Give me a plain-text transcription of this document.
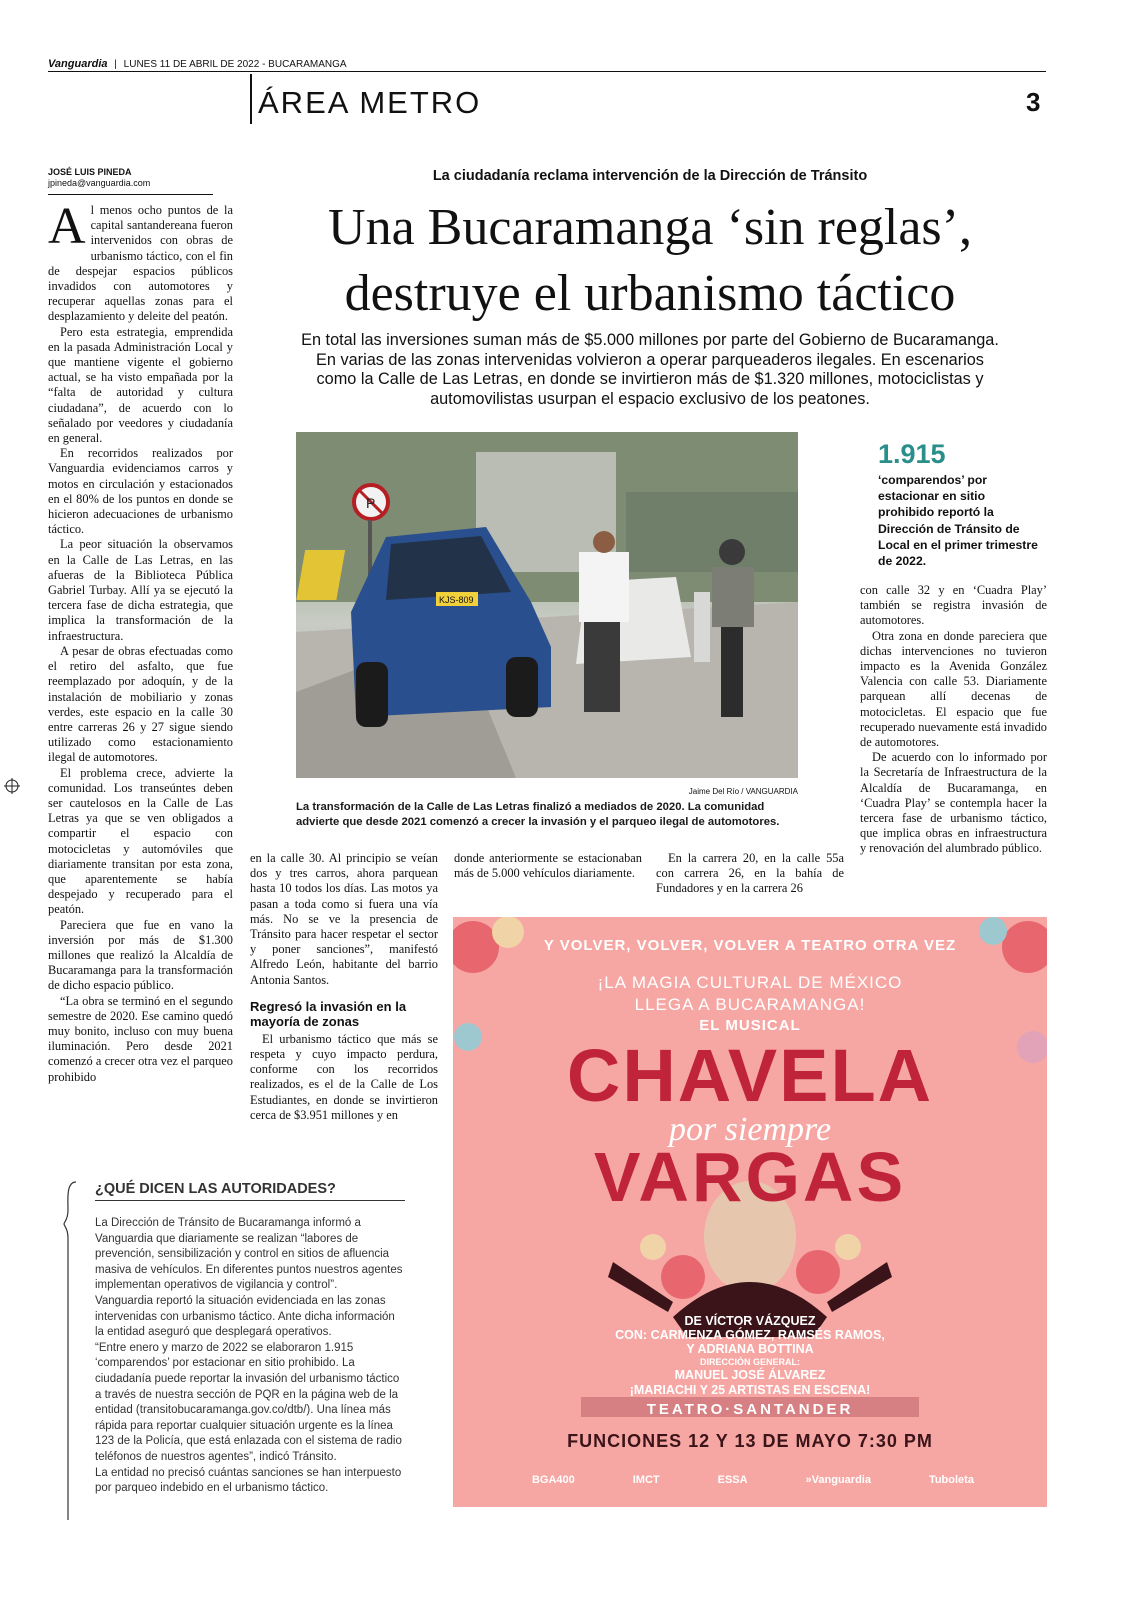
Vanguardia | LUNES 11 DE ABRIL DE 2022 - BUCARAMANGA
ÁREA METRO	3
JOSÉ LUIS PINEDA
jpineda@vanguardia.com	La ciudadanía reclama intervención de la Dirección de Tránsito
Una Bucaramanga ‘sin reglas’,
destruye el urbanismo táctico
En total las inversiones suman más de $5.000 millones por parte del Gobierno de Bucaramanga. En varias de las zonas intervenidas volvieron a operar parqueaderos ilegales. En escenarios como la Calle de Las Letras, en donde se invirtieron más de $1.320 millones, motociclistas y automovilistas usurpan el espacio exclusivo de los peatones.
A l menos ocho puntos de la capital santandereana fueron intervenidos con obras de urbanismo táctico, con el fin de despejar espacios públicos invadidos con automotores y recuperar aquellas zonas para el desplazamiento y deleite del peatón.

Pero esta estrategia, emprendida en la pasada Administración Local y que mantiene vigente el gobierno actual, se ha visto empañada por la “falta de autoridad y cultura ciudadana”, de acuerdo con lo señalado por veedores y ciudadanía en general.

En recorridos realizados por Vanguardia evidenciamos carros y motos en circulación y estacionados en el 80% de los puntos en donde se hicieron adecuaciones de urbanismo táctico.

La peor situación la observamos en la Calle de Las Letras, en las afueras de la Biblioteca Pública Gabriel Turbay. Allí ya se ejecutó la tercera fase de dicha estrategia, que implica la transformación de la infraestructura.

A pesar de obras efectuadas como el retiro del asfalto, que fue reemplazado por adoquín, y de la instalación de mobiliario y zonas verdes, este espacio en la calle 30 entre carreras 26 y 27 sigue siendo utilizado como estacionamiento ilegal de automotores.

El problema crece, advierte la comunidad. Los transeúntes deben ser cautelosos en la Calle de Las Letras ya que se ven obligados a compartir el espacio con motocicletas y automóviles que diariamente transitan por esta zona, que aparentemente se había despejado y recuperado para el peatón.

Pareciera que fue en vano la inversión por más de $1.300 millones que realizó la Alcaldía de Bucaramanga para la transformación de dicho espacio público.

“La obra se terminó en el segundo semestre de 2020. Ese camino quedó muy bonito, incluso con muy buena iluminación. Pero desde 2021 comenzó a crecer otra vez el parqueo prohibido

P
KJS-809
Jaime Del Río / VANGUARDIA
La transformación de la Calle de Las Letras finalizó a mediados de 2020. La comunidad advierte que desde 2021 comenzó a crecer la invasión y el parqueo ilegal de automotores.
1.915
‘comparendos’ por estacionar en sitio prohibido reportó la Dirección de Tránsito de Local en el primer trimestre de 2022.

en la calle 30. Al principio se veían dos y tres carros, ahora parquean hasta 10 todos los días. Las motos ya pasan a toda como si fuera una vía más. No se ve la presencia de Tránsito para hacer respetar el sector y poner sanciones”, manifestó Alfredo León, habitante del barrio Antonia Santos.

Regresó la invasión en la mayoría de zonas

El urbanismo táctico que más se respeta y cuyo impacto perdura, conforme con los recorridos realizados, es el de la Calle de Los Estudiantes, en donde se invirtieron cerca de $3.951 millones y en

donde anteriormente se estacionaban más de 5.000 vehículos diariamente.

En la carrera 20, en la calle 55a con carrera 26, en la bahía de Fundadores y en la carrera 26

con calle 32 y en ‘Cuadra Play’ también se registra invasión de automotores.

Otra zona en donde pareciera que dichas intervenciones no tuvieron impacto es la Avenida González Valencia con calle 53. Diariamente parquean allí decenas de motocicletas. El espacio que fue recuperado nuevamente está invadido de automotores.

De acuerdo con lo informado por la Secretaría de Infraestructura de la Alcaldía de Bucaramanga, en ‘Cuadra Play’ se contempla hacer la tercera fase de urbanismo táctico, que implica obras en infraestructura y renovación del alumbrado público.

¿QUÉ DICEN LAS AUTORIDADES?

La Dirección de Tránsito de Bucaramanga informó a Vanguardia que diariamente se realizan “labores de prevención, sensibilización y control en sitios de afluencia masiva de vehículos. En diferentes puntos nuestros agentes implementan operativos de vigilancia y control”.

Vanguardia reportó la situación evidenciada en las zonas intervenidas con urbanismo táctico. Ante dicha información la entidad aseguró que desplegará operativos.

“Entre enero y marzo de 2022 se elaboraron 1.915 ‘comparendos’ por estacionar en sitio prohibido. La ciudadanía puede reportar la invasión del urbanismo táctico a través de nuestra sección de PQR en la página web de la entidad (transitobucaramanga.gov.co/dtb/). Una línea más rápida para reportar cualquier situación urgente es la línea 123 de la Policía, que está enlazada con el sistema de radio teléfonos de nuestros agentes”, indicó Tránsito.

La entidad no precisó cuántas sanciones se han interpuesto por parqueo indebido en el urbanismo táctico.

Y VOLVER, VOLVER, VOLVER A TEATRO OTRA VEZ
¡LA MAGIA CULTURAL DE MÉXICO
LLEGA A BUCARAMANGA!
EL MUSICAL
CHAVELA
por siempre
VARGAS
DE VÍCTOR VÁZQUEZ
CON: CARMENZA GÓMEZ, RAMSÉS RAMOS,
Y ADRIANA BOTTINA
DIRECCIÓN GENERAL:
MANUEL JOSÉ ÁLVAREZ
¡MARIACHI Y 25 ARTISTAS EN ESCENA!
TEATRO·SANTANDER
FUNCIONES 12 Y 13 DE MAYO 7:30 PM
BGA400	IMCT	ESSA	»Vanguardia	Tuboleta
